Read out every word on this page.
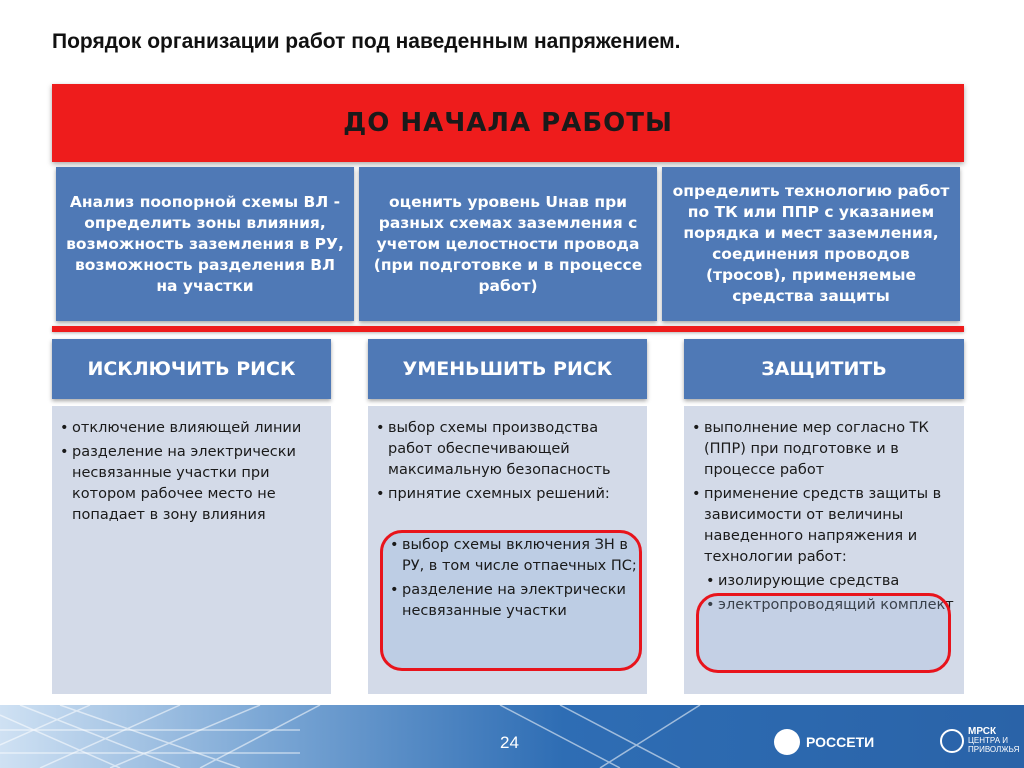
Порядок организации работ под наведенным напряжением.
ДО НАЧАЛА РАБОТЫ
Анализ поопорной схемы ВЛ - определить зоны влияния, возможность заземления в РУ, возможность разделения ВЛ на участки
оценить уровень Uнав при разных схемах заземления с учетом целостности провода (при подготовке и в процессе работ)
определить технологию работ по ТК или ППР с указанием порядка и мест заземления, соединения проводов (тросов), применяемые средства защиты
ИСКЛЮЧИТЬ РИСК
• отключение влияющей линии
• разделение на электрически несвязанные участки при котором рабочее место не попадает в зону влияния
УМЕНЬШИТЬ РИСК
• выбор схемы производства работ обеспечивающей максимальную безопасность
• принятие схемных решений:
• выбор схемы включения ЗН в РУ, в том числе отпаечных ПС;
• разделение на электрически несвязанные участки
ЗАЩИТИТЬ
• выполнение мер согласно ТК (ППР) при подготовке и в процессе работ
• применение средств защиты в зависимости от величины наведенного напряжения и технологии работ:
• изолирующие средства
• электропроводящий комплект
24	РОССЕТИ
МРСК
ЦЕНТРА И
ПРИВОЛЖЬЯ
